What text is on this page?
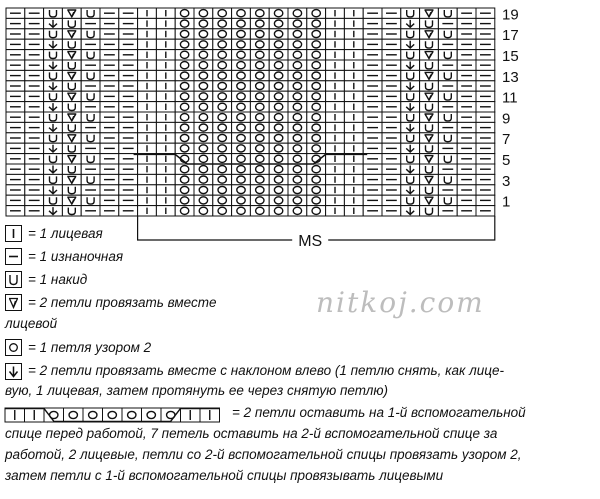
19
17
15
13
11
9
7
5
3
1
MS
= 1 лицевая
= 1 изнаночная
= 1 накид
= 2 петли провязать вместе
лицевой
= 1 петля узором 2
= 2 петли провязать вместе с наклоном влево (1 петлю снять, как лице-
вую, 1 лицевая, затем протянуть ее через снятую петлю)
= 2 петли оставить на 1-й вспомогательной
спице перед работой, 7 петель оставить на 2-й вспомогательной спице за
работой, 2 лицевые, петли со 2-й вспомогательной спицы провязать узором 2,
затем петли с 1-й вспомогательной спицы провязывать лицевыми
nitkoj.com
